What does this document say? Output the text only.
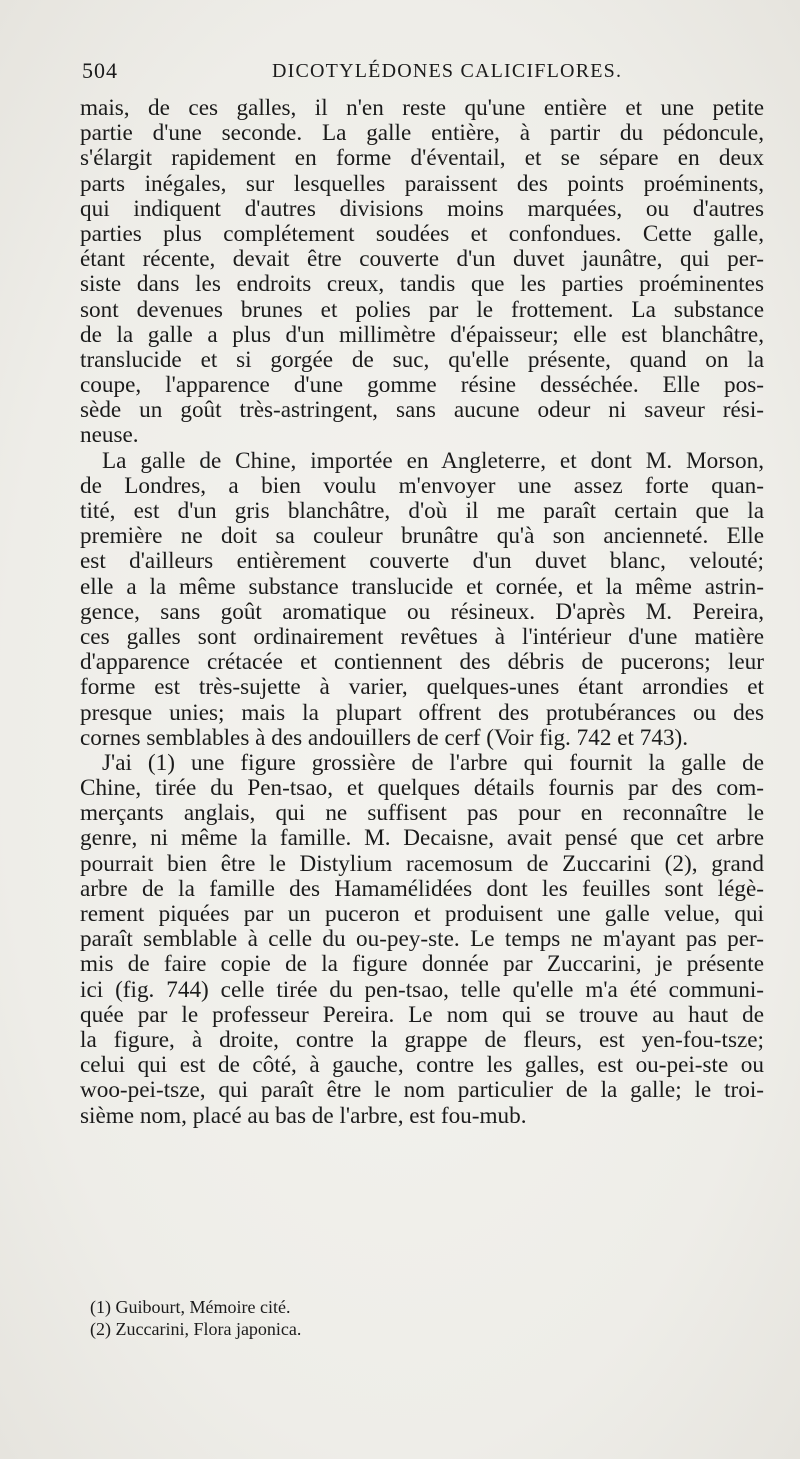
504	DICOTYLÉDONES CALICIFLORES.
mais, de ces galles, il n'en reste qu'une entière et une petite
partie d'une seconde. La galle entière, à partir du pédoncule,
s'élargit rapidement en forme d'éventail, et se sépare en deux
parts inégales, sur lesquelles paraissent des points proéminents,
qui indiquent d'autres divisions moins marquées, ou d'autres
parties plus complétement soudées et confondues. Cette galle,
étant récente, devait être couverte d'un duvet jaunâtre, qui per-
siste dans les endroits creux, tandis que les parties proéminentes
sont devenues brunes et polies par le frottement. La substance
de la galle a plus d'un millimètre d'épaisseur; elle est blanchâtre,
translucide et si gorgée de suc, qu'elle présente, quand on la
coupe, l'apparence d'une gomme résine desséchée. Elle pos-
sède un goût très-astringent, sans aucune odeur ni saveur rési-
neuse.
La galle de Chine, importée en Angleterre, et dont M. Morson,
de Londres, a bien voulu m'envoyer une assez forte quan-
tité, est d'un gris blanchâtre, d'où il me paraît certain que la
première ne doit sa couleur brunâtre qu'à son ancienneté. Elle
est d'ailleurs entièrement couverte d'un duvet blanc, velouté;
elle a la même substance translucide et cornée, et la même astrin-
gence, sans goût aromatique ou résineux. D'après M. Pereira,
ces galles sont ordinairement revêtues à l'intérieur d'une matière
d'apparence crétacée et contiennent des débris de pucerons; leur
forme est très-sujette à varier, quelques-unes étant arrondies et
presque unies; mais la plupart offrent des protubérances ou des
cornes semblables à des andouillers de cerf (Voir fig. 742 et 743).
J'ai (1) une figure grossière de l'arbre qui fournit la galle de
Chine, tirée du Pen-tsao, et quelques détails fournis par des com-
merçants anglais, qui ne suffisent pas pour en reconnaître le
genre, ni même la famille. M. Decaisne, avait pensé que cet arbre
pourrait bien être le Distylium racemosum de Zuccarini (2), grand
arbre de la famille des Hamamélidées dont les feuilles sont légè-
rement piquées par un puceron et produisent une galle velue, qui
paraît semblable à celle du ou-pey-ste. Le temps ne m'ayant pas per-
mis de faire copie de la figure donnée par Zuccarini, je présente
ici (fig. 744) celle tirée du pen-tsao, telle qu'elle m'a été communi-
quée par le professeur Pereira. Le nom qui se trouve au haut de
la figure, à droite, contre la grappe de fleurs, est yen-fou-tsze;
celui qui est de côté, à gauche, contre les galles, est ou-pei-ste ou
woo-pei-tsze, qui paraît être le nom particulier de la galle; le troi-
sième nom, placé au bas de l'arbre, est fou-mub.
(1) Guibourt, Mémoire cité.
(2) Zuccarini, Flora japonica.
